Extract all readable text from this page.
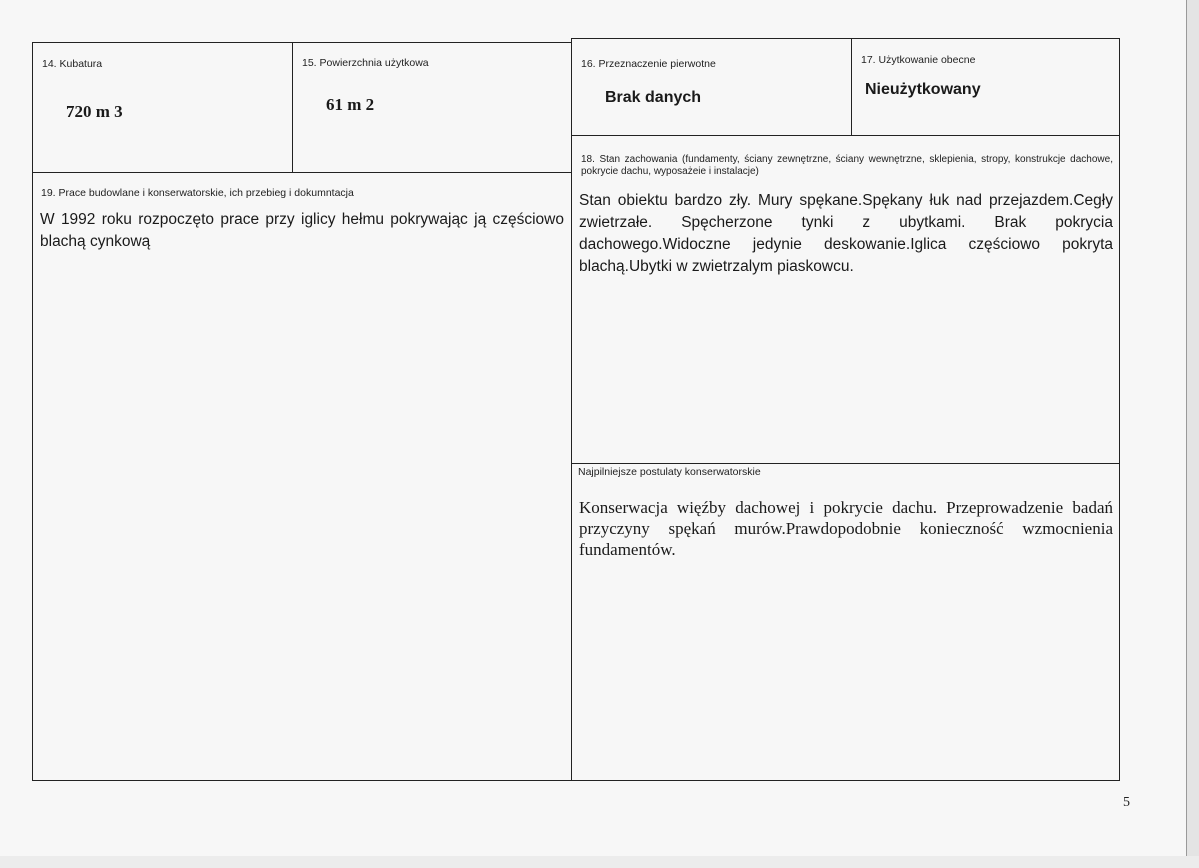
14. Kubatura
720 m 3
15. Powierzchnia użytkowa
61 m 2
16. Przeznaczenie pierwotne
Brak danych
17. Użytkowanie obecne
Nieużytkowany
18. Stan zachowania (fundamenty, ściany zewnętrzne, ściany wewnętrzne, sklepienia, stropy, konstrukcje dachowe, pokrycie dachu, wyposażeie i instalacje)
Stan obiektu bardzo zły. Mury spękane.Spękany łuk nad przejazdem.Cegły zwietrzałe. Spęcherzone tynki z ubytkami. Brak pokrycia dachowego.Widoczne jedynie deskowanie.Iglica częściowo pokryta blachą.Ubytki w zwietrzalym piaskowcu.
19. Prace budowlane i konserwatorskie, ich przebieg i dokumntacja
W 1992 roku rozpoczęto prace przy iglicy hełmu pokrywając ją częściowo blachą cynkową
Najpilniejsze postulaty konserwatorskie
Konserwacja więźby dachowej i pokrycie dachu. Przeprowadzenie badań przyczyny spękań murów.Prawdopodobnie konieczność wzmocnienia fundamentów.
5
